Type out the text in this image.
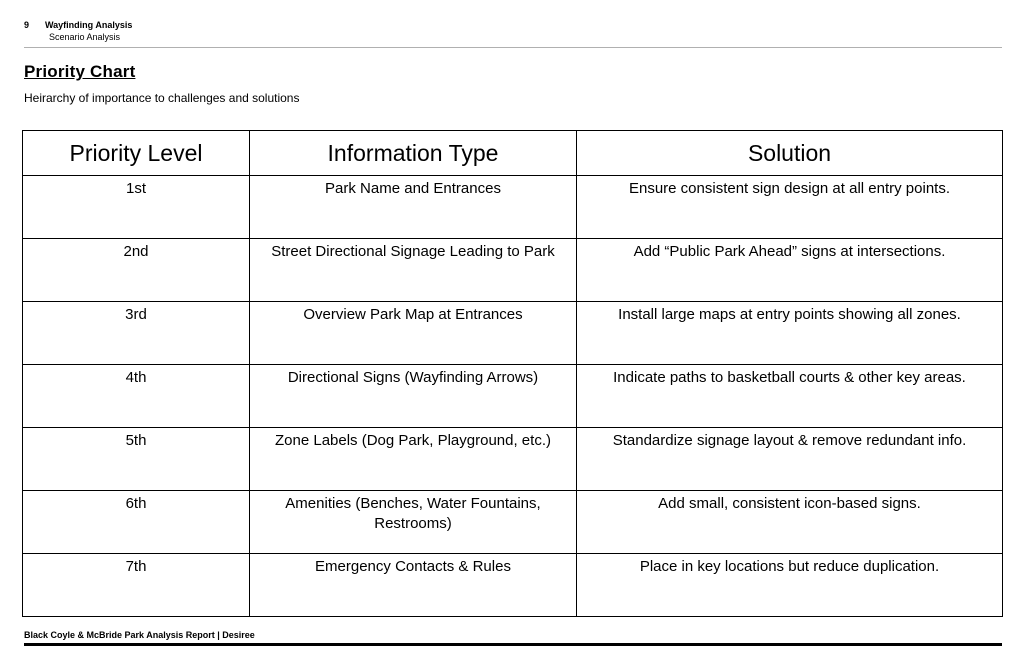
9 Wayfinding Analysis
Scenario Analysis
Priority Chart
Heirarchy of importance to challenges and solutions
Priority Level	Information Type	Solution
1st	Park Name and Entrances	Ensure consistent sign design at all entry points.
2nd	Street Directional Signage Leading to Park	Add “Public Park Ahead” signs at intersections.
3rd	Overview Park Map at Entrances	Install large maps at entry points showing all zones.
4th	Directional Signs (Wayfinding Arrows)	Indicate paths to basketball courts & other key areas.
5th	Zone Labels (Dog Park, Playground, etc.)	Standardize signage layout & remove redundant info.
6th	Amenities (Benches, Water Fountains, Restrooms)	Add small, consistent icon-based signs.
7th	Emergency Contacts & Rules	Place in key locations but reduce duplication.
Black Coyle & McBride Park Analysis Report | Desiree
